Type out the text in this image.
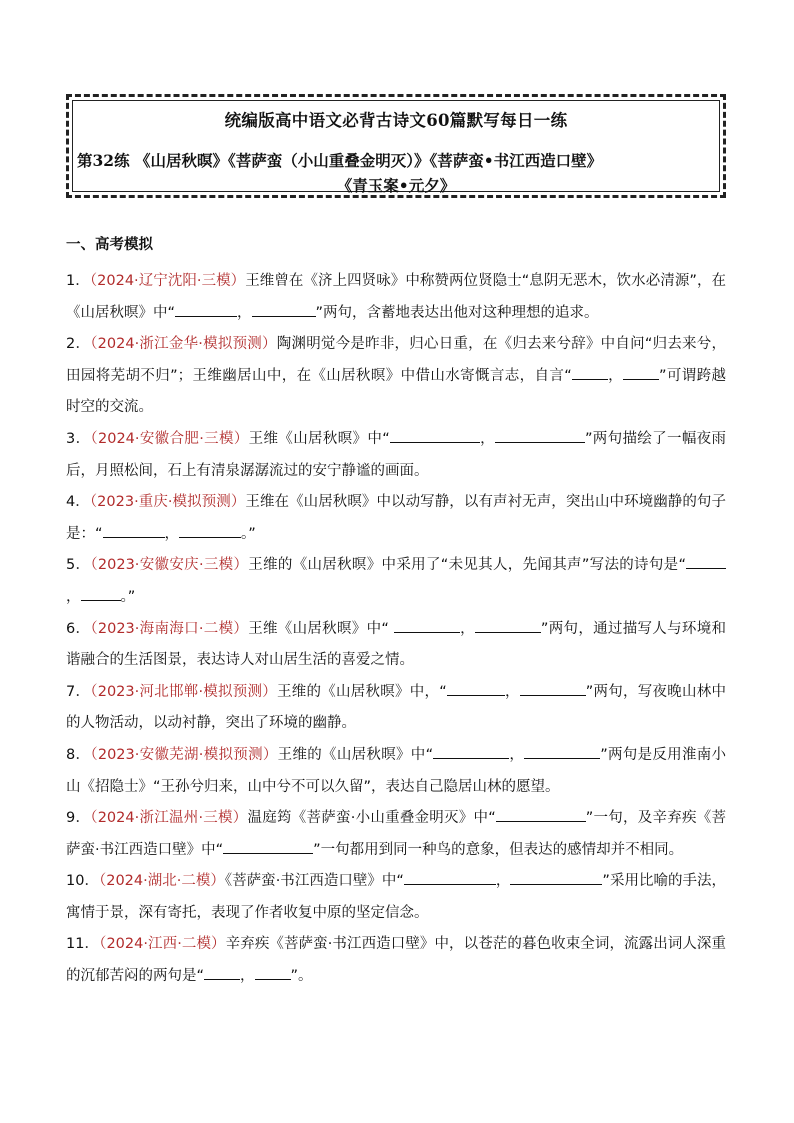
统编版高中语文必背古诗文60篇默写每日一练
第32练 《山居秋暝》《菩萨蛮（小山重叠金明灭）》《菩萨蛮•书江西造口壁》
《青玉案•元夕》
一、高考模拟
1．（2024·辽宁沈阳·三模）王维曾在《济上四贤咏》中称赞两位贤隐士“息阴无恶木，饮水必清源”，在《山居秋暝》中“	，	”两句，含蓄地表达出他对这种理想的追求。
2．（2024·浙江金华·模拟预测）陶渊明觉今是昨非，归心日重，在《归去来兮辞》中自问“归去来兮，田园将芜胡不归”；王维幽居山中，在《山居秋暝》中借山水寄慨言志，自言“ ， ”可谓跨越时空的交流。
3．（2024·安徽合肥·三模）王维《山居秋暝》中“	，	”两句描绘了一幅夜雨后，月照松间，石上有清泉潺潺流过的安宁静谧的画面。
4．（2023·重庆·模拟预测）王维在《山居秋暝》中以动写静，以有声衬无声，突出山中环境幽静的句子是：“	，	。”
5．（2023·安徽安庆·三模）王维的《山居秋暝》中采用了“未见其人，先闻其声”写法的诗句是“，	。”
6．（2023·海南海口·二模）王维《山居秋暝》中“	，	”两句，通过描写人与环境和谐融合的生活图景，表达诗人对山居生活的喜爱之情。
7．（2023·河北邯郸·模拟预测）王维的《山居秋暝》中，“	，	”两句，写夜晚山林中的人物活动，以动衬静，突出了环境的幽静。
8．（2023·安徽芜湖·模拟预测）王维的《山居秋暝》中“	，	”两句是反用淮南小山《招隐士》“王孙兮归来，山中兮不可以久留”，表达自己隐居山林的愿望。
9．（2024·浙江温州·三模）温庭筠《菩萨蛮·小山重叠金明灭》中“	”一句，及辛弃疾《菩萨蛮·书江西造口壁》中“	”一句都用到同一种鸟的意象，但表达的感情却并不相同。
10．（2024·湖北·二模）《菩萨蛮·书江西造口壁》中“	，	”采用比喻的手法，寓情于景，深有寄托，表现了作者收复中原的坚定信念。
11．（2024·江西·二模）辛弃疾《菩萨蛮·书江西造口壁》中，以苍茫的暮色收束全词，流露出词人深重的沉郁苦闷的两句是“ ， ”。
